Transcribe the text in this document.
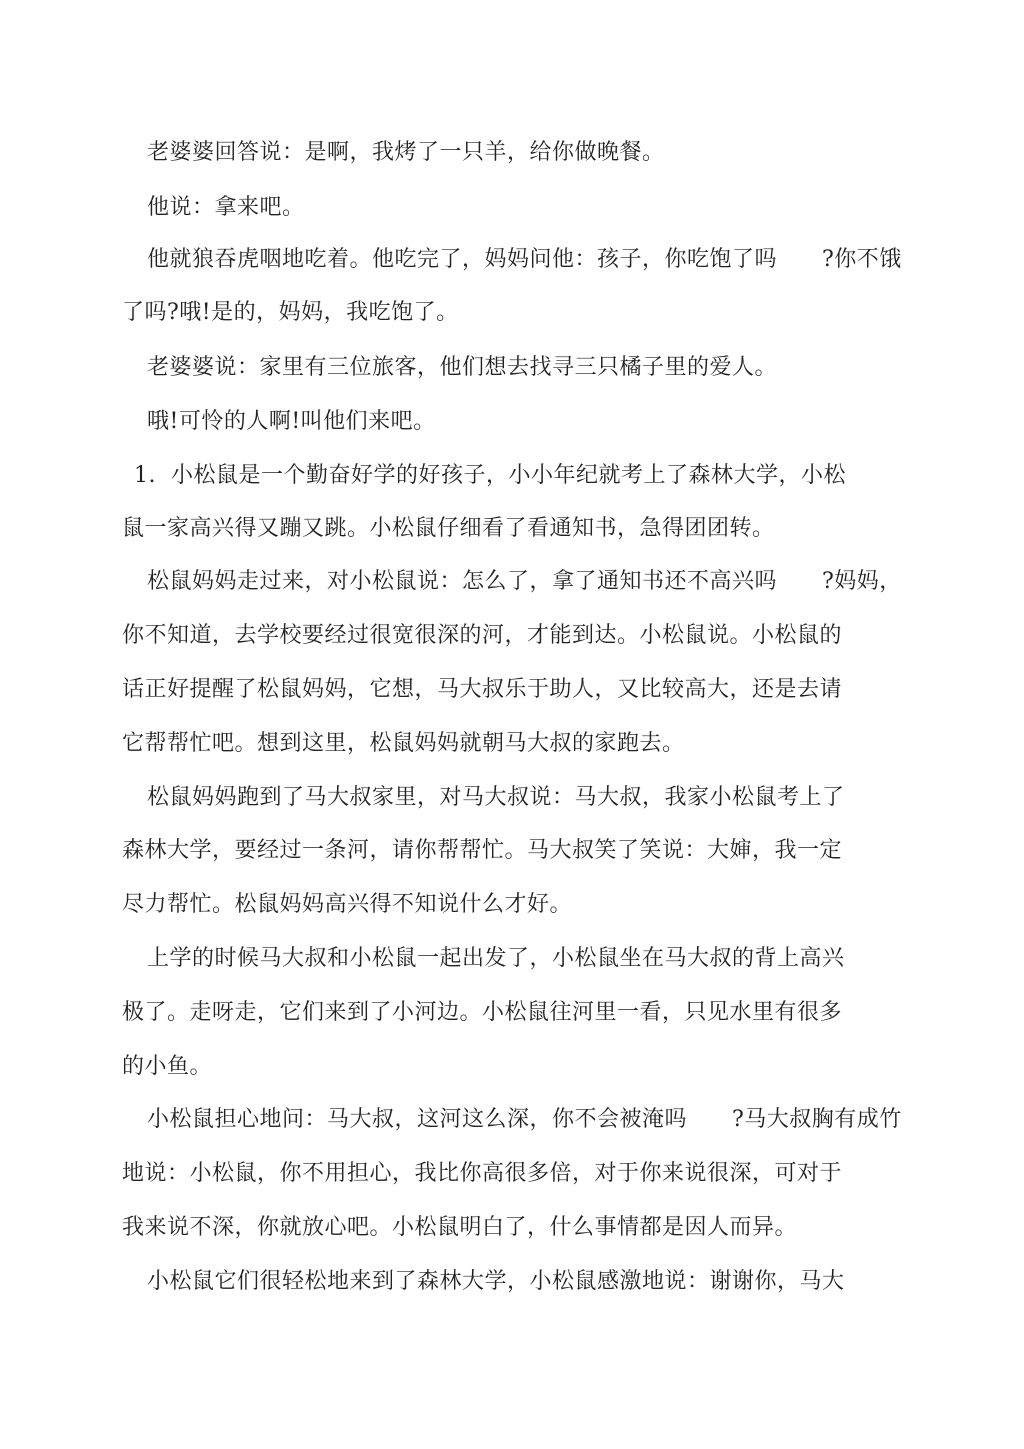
老婆婆回答说：是啊，我烤了一只羊，给你做晚餐。
他说：拿来吧。
他就狼吞虎咽地吃着。他吃完了，妈妈问他：孩子，你吃饱了吗      ?你不饿
了吗?哦!是的，妈妈，我吃饱了。
老婆婆说：家里有三位旅客，他们想去找寻三只橘子里的爱人。
哦!可怜的人啊!叫他们来吧。
1.  小松鼠是一个勤奋好学的好孩子，小小年纪就考上了森林大学，小松
鼠一家高兴得又蹦又跳。小松鼠仔细看了看通知书，急得团团转。
松鼠妈妈走过来，对小松鼠说：怎么了，拿了通知书还不高兴吗      ?妈妈，
你不知道，去学校要经过很宽很深的河，才能到达。小松鼠说。小松鼠的
话正好提醒了松鼠妈妈，它想，马大叔乐于助人，又比较高大，还是去请
它帮帮忙吧。想到这里，松鼠妈妈就朝马大叔的家跑去。
松鼠妈妈跑到了马大叔家里，对马大叔说：马大叔，我家小松鼠考上了
森林大学，要经过一条河，请你帮帮忙。马大叔笑了笑说：大婶，我一定
尽力帮忙。松鼠妈妈高兴得不知说什么才好。
上学的时候马大叔和小松鼠一起出发了，小松鼠坐在马大叔的背上高兴
极了。走呀走，它们来到了小河边。小松鼠往河里一看，只见水里有很多
的小鱼。
小松鼠担心地问：马大叔，这河这么深，你不会被淹吗      ?马大叔胸有成竹
地说：小松鼠，你不用担心，我比你高很多倍，对于你来说很深，可对于
我来说不深，你就放心吧。小松鼠明白了，什么事情都是因人而异。
小松鼠它们很轻松地来到了森林大学，小松鼠感激地说：谢谢你，马大
